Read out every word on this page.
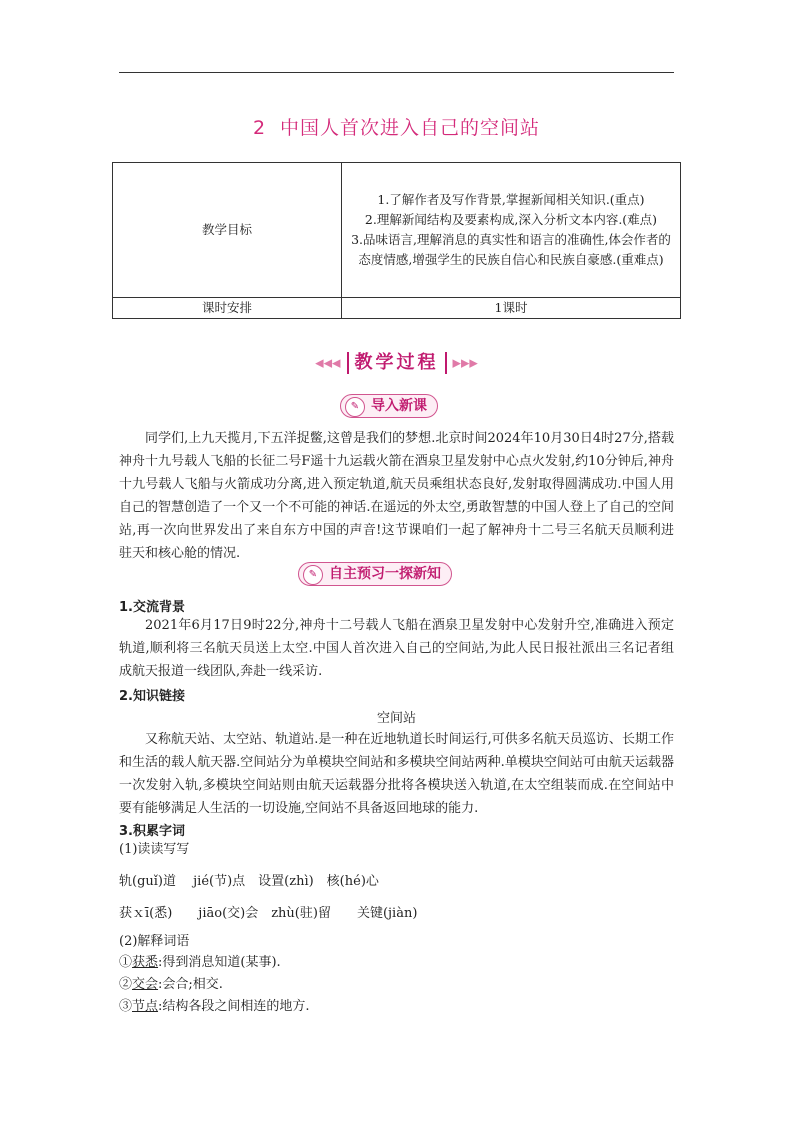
2 中国人首次进入自己的空间站
教学目标	1.了解作者及写作背景,掌握新闻相关知识.(重点)
2.理解新闻结构及要素构成,深入分析文本内容.(难点)
3.品味语言,理解消息的真实性和语言的准确性,体会作者的态度情感,增强学生的民族自信心和民族自豪感.(重难点)

课时安排	1课时
◀◀◀ 教学过程 ▶▶▶
✎ 导入新课
同学们,上九天揽月,下五洋捉鳖,这曾是我们的梦想.北京时间2024年10月30日4时27分,搭载神舟十九号载人飞船的长征二号F遥十九运载火箭在酒泉卫星发射中心点火发射,约10分钟后,神舟十九号载人飞船与火箭成功分离,进入预定轨道,航天员乘组状态良好,发射取得圆满成功.中国人用自己的智慧创造了一个又一个不可能的神话.在遥远的外太空,勇敢智慧的中国人登上了自己的空间站,再一次向世界发出了来自东方中国的声音!这节课咱们一起了解神舟十二号三名航天员顺利进驻天和核心舱的情况.
✎ 自主预习一探新知
1.交流背景
2021年6月17日9时22分,神舟十二号载人飞船在酒泉卫星发射中心发射升空,准确进入预定轨道,顺利将三名航天员送上太空.中国人首次进入自己的空间站,为此人民日报社派出三名记者组成航天报道一线团队,奔赴一线采访.
2.知识链接
空间站
又称航天站、太空站、轨道站.是一种在近地轨道长时间运行,可供多名航天员巡访、长期工作和生活的载人航天器.空间站分为单模块空间站和多模块空间站两种.单模块空间站可由航天运载器一次发射入轨,多模块空间站则由航天运载器分批将各模块送入轨道,在太空组装而成.在空间站中要有能够满足人生活的一切设施,空间站不具备返回地球的能力.
3.积累字词
(1)读读写写
轨(guǐ)道　 jié(节)点　设置(zhì)　核(hé)心
获ｘī(悉)　　jiāo(交)会　zhù(驻)留　　关键(jiàn)
(2)解释词语
①获悉:得到消息知道(某事).
②交会:会合;相交.
③节点:结构各段之间相连的地方.
